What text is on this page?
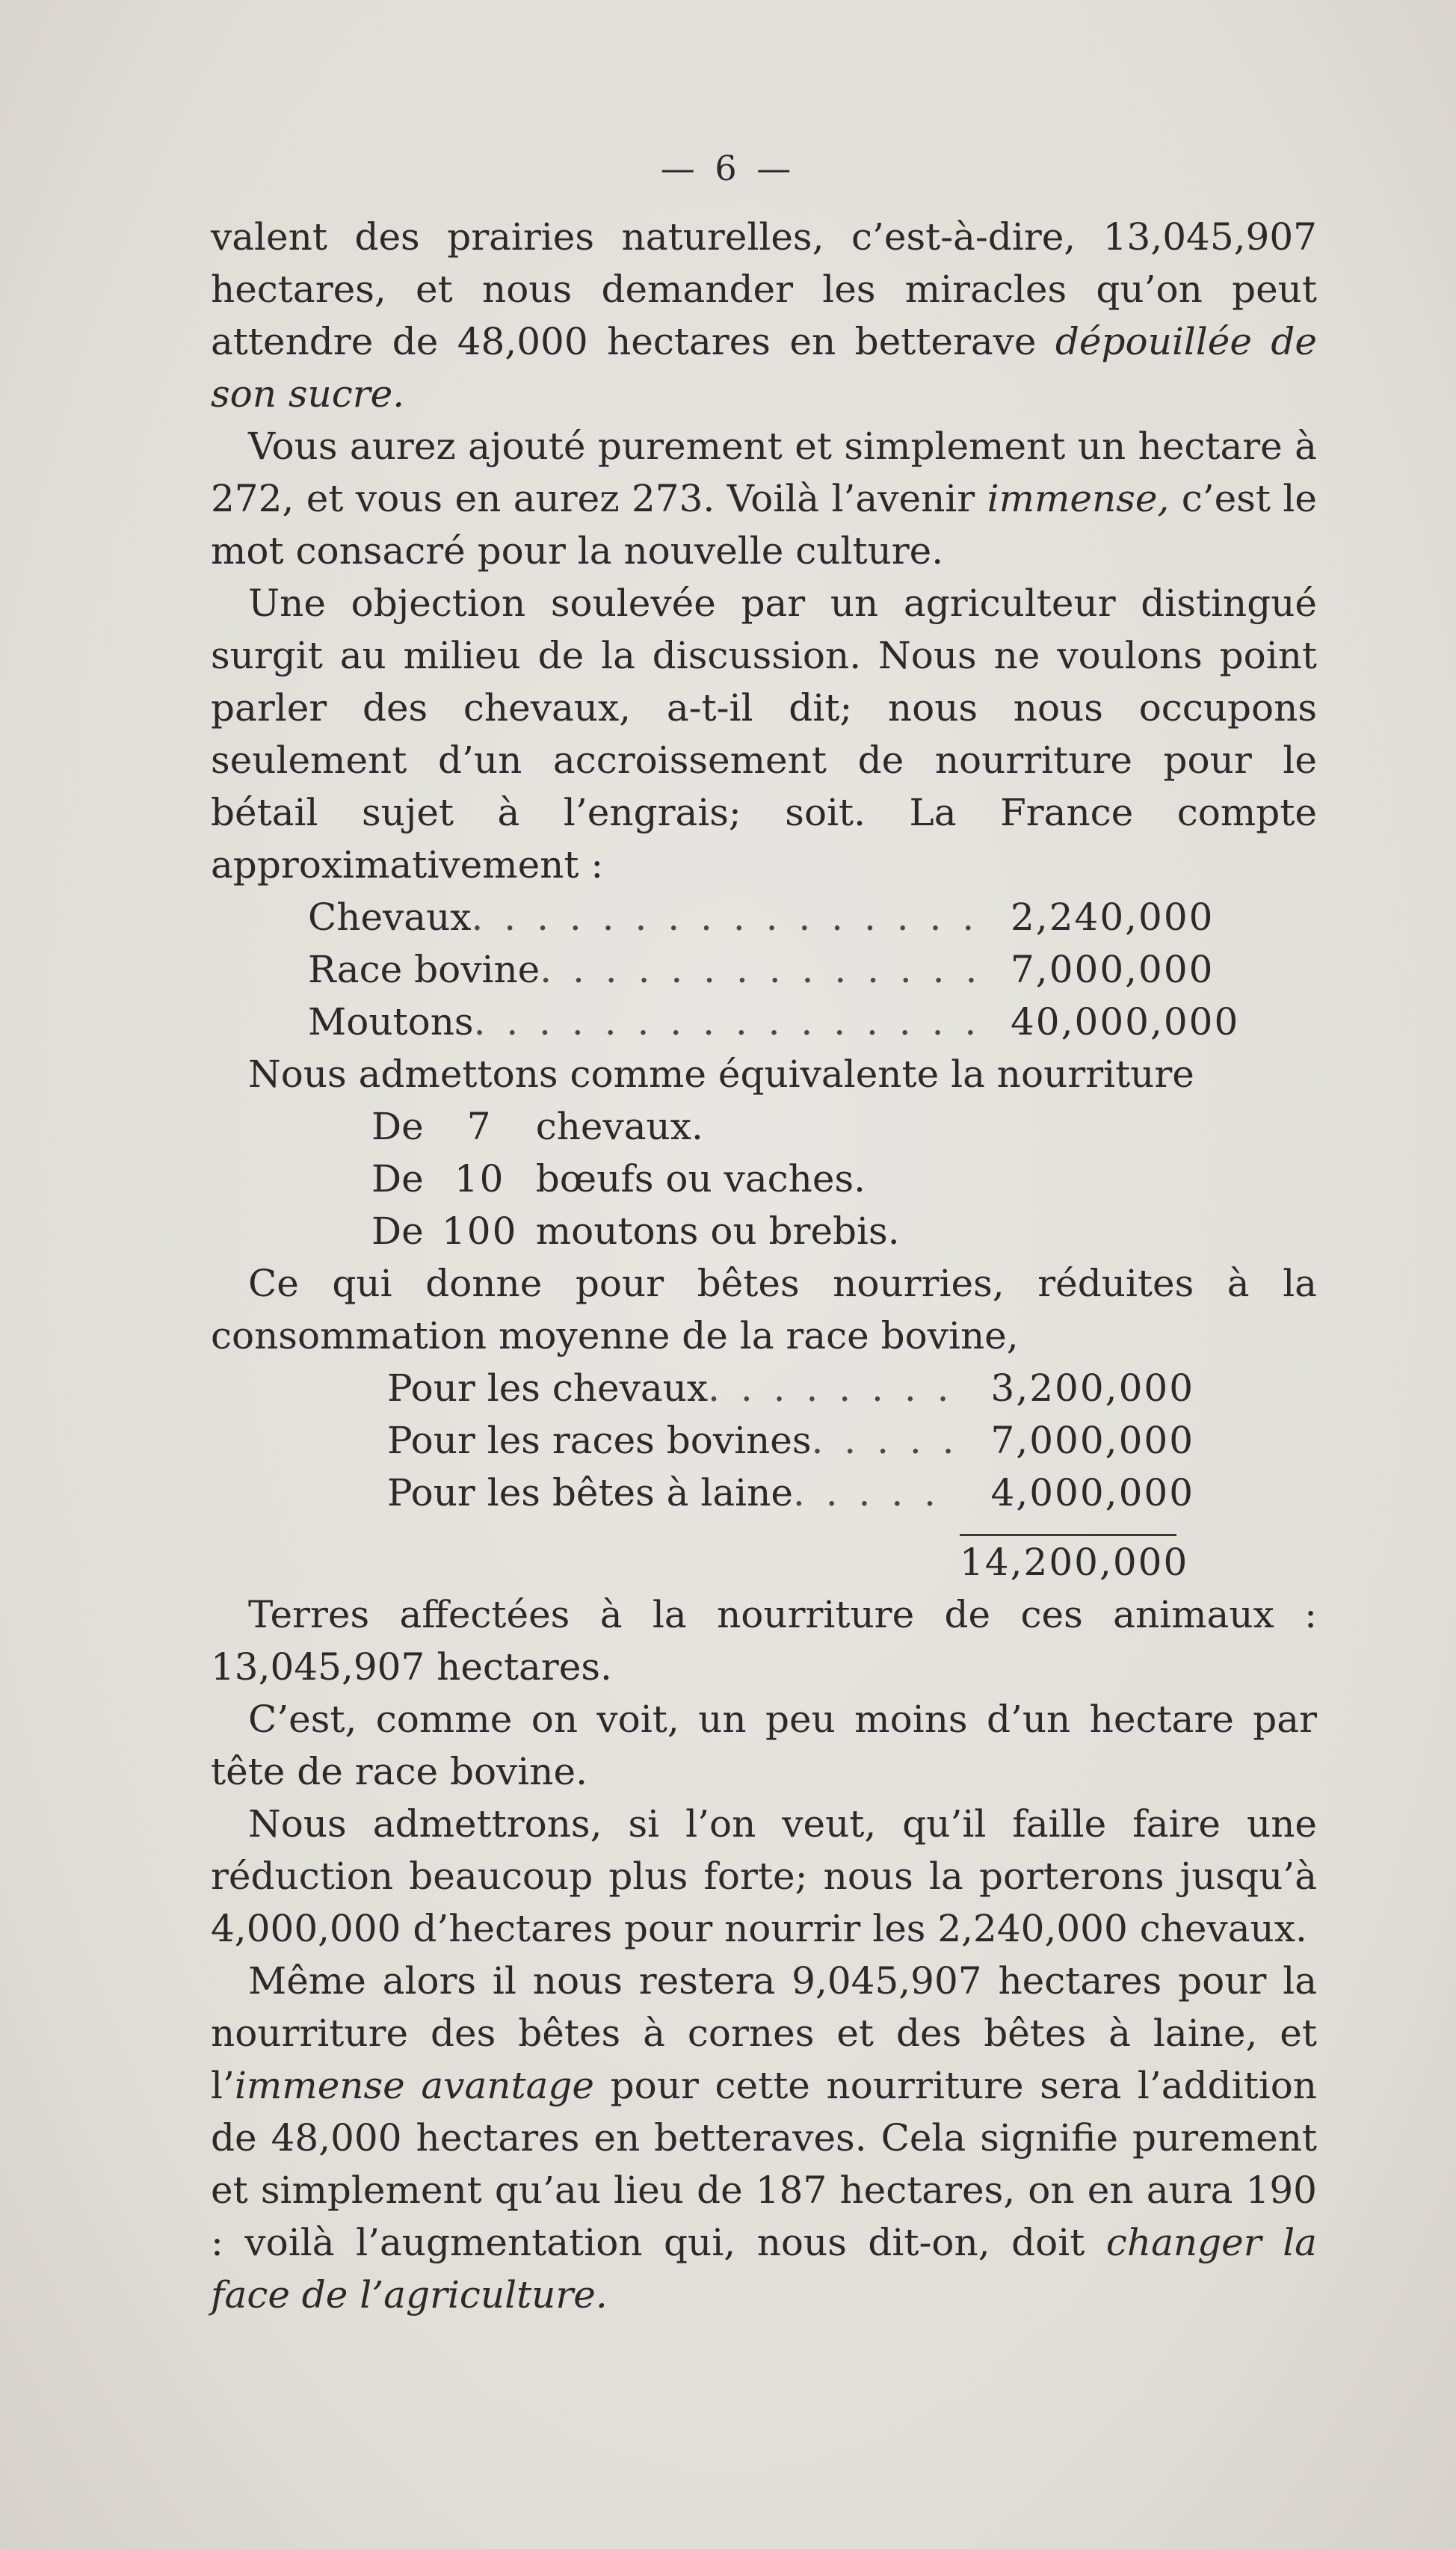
— 6 —

valent des prairies naturelles, c’est-à-dire, 13,045,907 hectares, et nous demander les miracles qu’on peut attendre de 48,000 hectares en betterave dépouillée de son sucre.

Vous aurez ajouté purement et simplement un hectare à 272, et vous en aurez 273. Voilà l’avenir immense, c’est le mot consacré pour la nouvelle culture.

Une objection soulevée par un agriculteur distingué surgit au milieu de la discussion. Nous ne voulons point parler des chevaux, a-t-il dit; nous nous occupons seulement d’un accroissement de nourriture pour le bétail sujet à l’engrais; soit. La France compte approximativement :

Chevaux . . .	2,240,000
Race bovine . . .	7,000,000
Moutons . . .	40,000,000

Nous admettons comme équivalente la nourriture

De	7	chevaux.
De 10 bœufs ou vaches.
De 100 moutons ou brebis.

Ce qui donne pour bêtes nourries, réduites à la consommation moyenne de la race bovine,

Pour les chevaux . . .	3,200,000
Pour les races bovines . . .	7,000,000
Pour les bêtes à laine . . .	4,000,000
14,200,000

Terres affectées à la nourriture de ces animaux : 13,045,907 hectares.

C’est, comme on voit, un peu moins d’un hectare par tête de race bovine.

Nous admettrons, si l’on veut, qu’il faille faire une réduction beaucoup plus forte; nous la porterons jusqu’à 4,000,000 d’hectares pour nourrir les 2,240,000 chevaux.

Même alors il nous restera 9,045,907 hectares pour la nourriture des bêtes à cornes et des bêtes à laine, et l’immense avantage pour cette nourriture sera l’addition de 48,000 hectares en betteraves. Cela signifie purement et simplement qu’au lieu de 187 hectares, on en aura 190 : voilà l’augmentation qui, nous dit-on, doit changer la face de l’agriculture.
